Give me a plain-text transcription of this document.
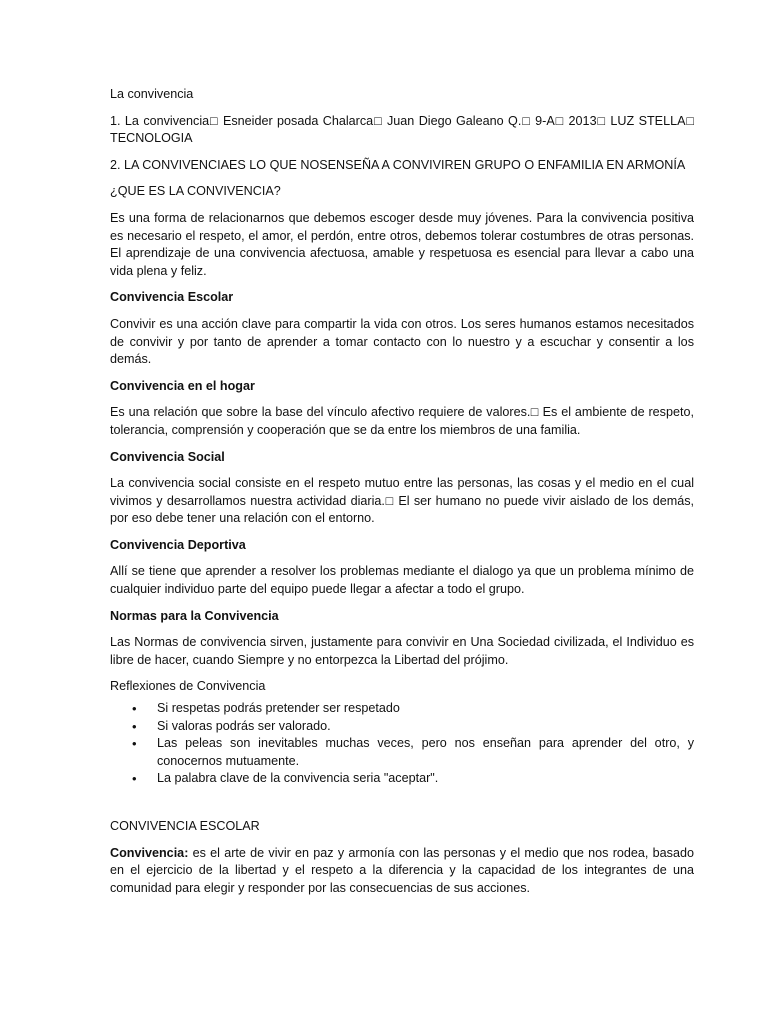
La convivencia

1. La convivencia□ Esneider posada Chalarca□ Juan Diego Galeano Q.□ 9-A□ 2013□ LUZ STELLA□ TECNOLOGIA

2. LA CONVIVENCIAES LO QUE NOSENSEÑA A CONVIVIREN GRUPO O ENFAMILIA EN ARMONÍA

¿QUE ES LA CONVIVENCIA?

Es una forma de relacionarnos que debemos escoger desde muy jóvenes. Para la convivencia positiva es necesario el respeto, el amor, el perdón, entre otros, debemos tolerar costumbres de otras personas. El aprendizaje de una convivencia afectuosa, amable y respetuosa es esencial para llevar a cabo una vida plena y feliz.

Convivencia Escolar

Convivir es una acción clave para compartir la vida con otros. Los seres humanos estamos necesitados de convivir y por tanto de aprender a tomar contacto con lo nuestro y a escuchar y consentir a los demás.

Convivencia en el hogar

Es una relación que sobre la base del vínculo afectivo requiere de valores.□ Es el ambiente de respeto, tolerancia, comprensión y cooperación que se da entre los miembros de una familia.

Convivencia Social

La convivencia social consiste en el respeto mutuo entre las personas, las cosas y el medio en el cual vivimos y desarrollamos nuestra actividad diaria.□ El ser humano no puede vivir aislado de los demás, por eso debe tener una relación con el entorno.

Convivencia Deportiva

Allí se tiene que aprender a resolver los problemas mediante el dialogo ya que un problema mínimo de cualquier individuo parte del equipo puede llegar a afectar a todo el grupo.

Normas para la Convivencia

Las Normas de convivencia sirven, justamente para convivir en Una Sociedad civilizada, el Individuo es libre de hacer, cuando Siempre y no entorpezca la Libertad del prójimo.

Reflexiones de Convivencia

• Si respetas podrás pretender ser respetado
• Si valoras podrás ser valorado.
• Las peleas son inevitables muchas veces, pero nos enseñan para aprender del otro, y conocernos mutuamente.
• La palabra clave de la convivencia seria "aceptar".

CONVIVENCIA ESCOLAR

Convivencia: es el arte de vivir en paz y armonía con las personas y el medio que nos rodea, basado en el ejercicio de la libertad y el respeto a la diferencia y la capacidad de los integrantes de una comunidad para elegir y responder por las consecuencias de sus acciones.
